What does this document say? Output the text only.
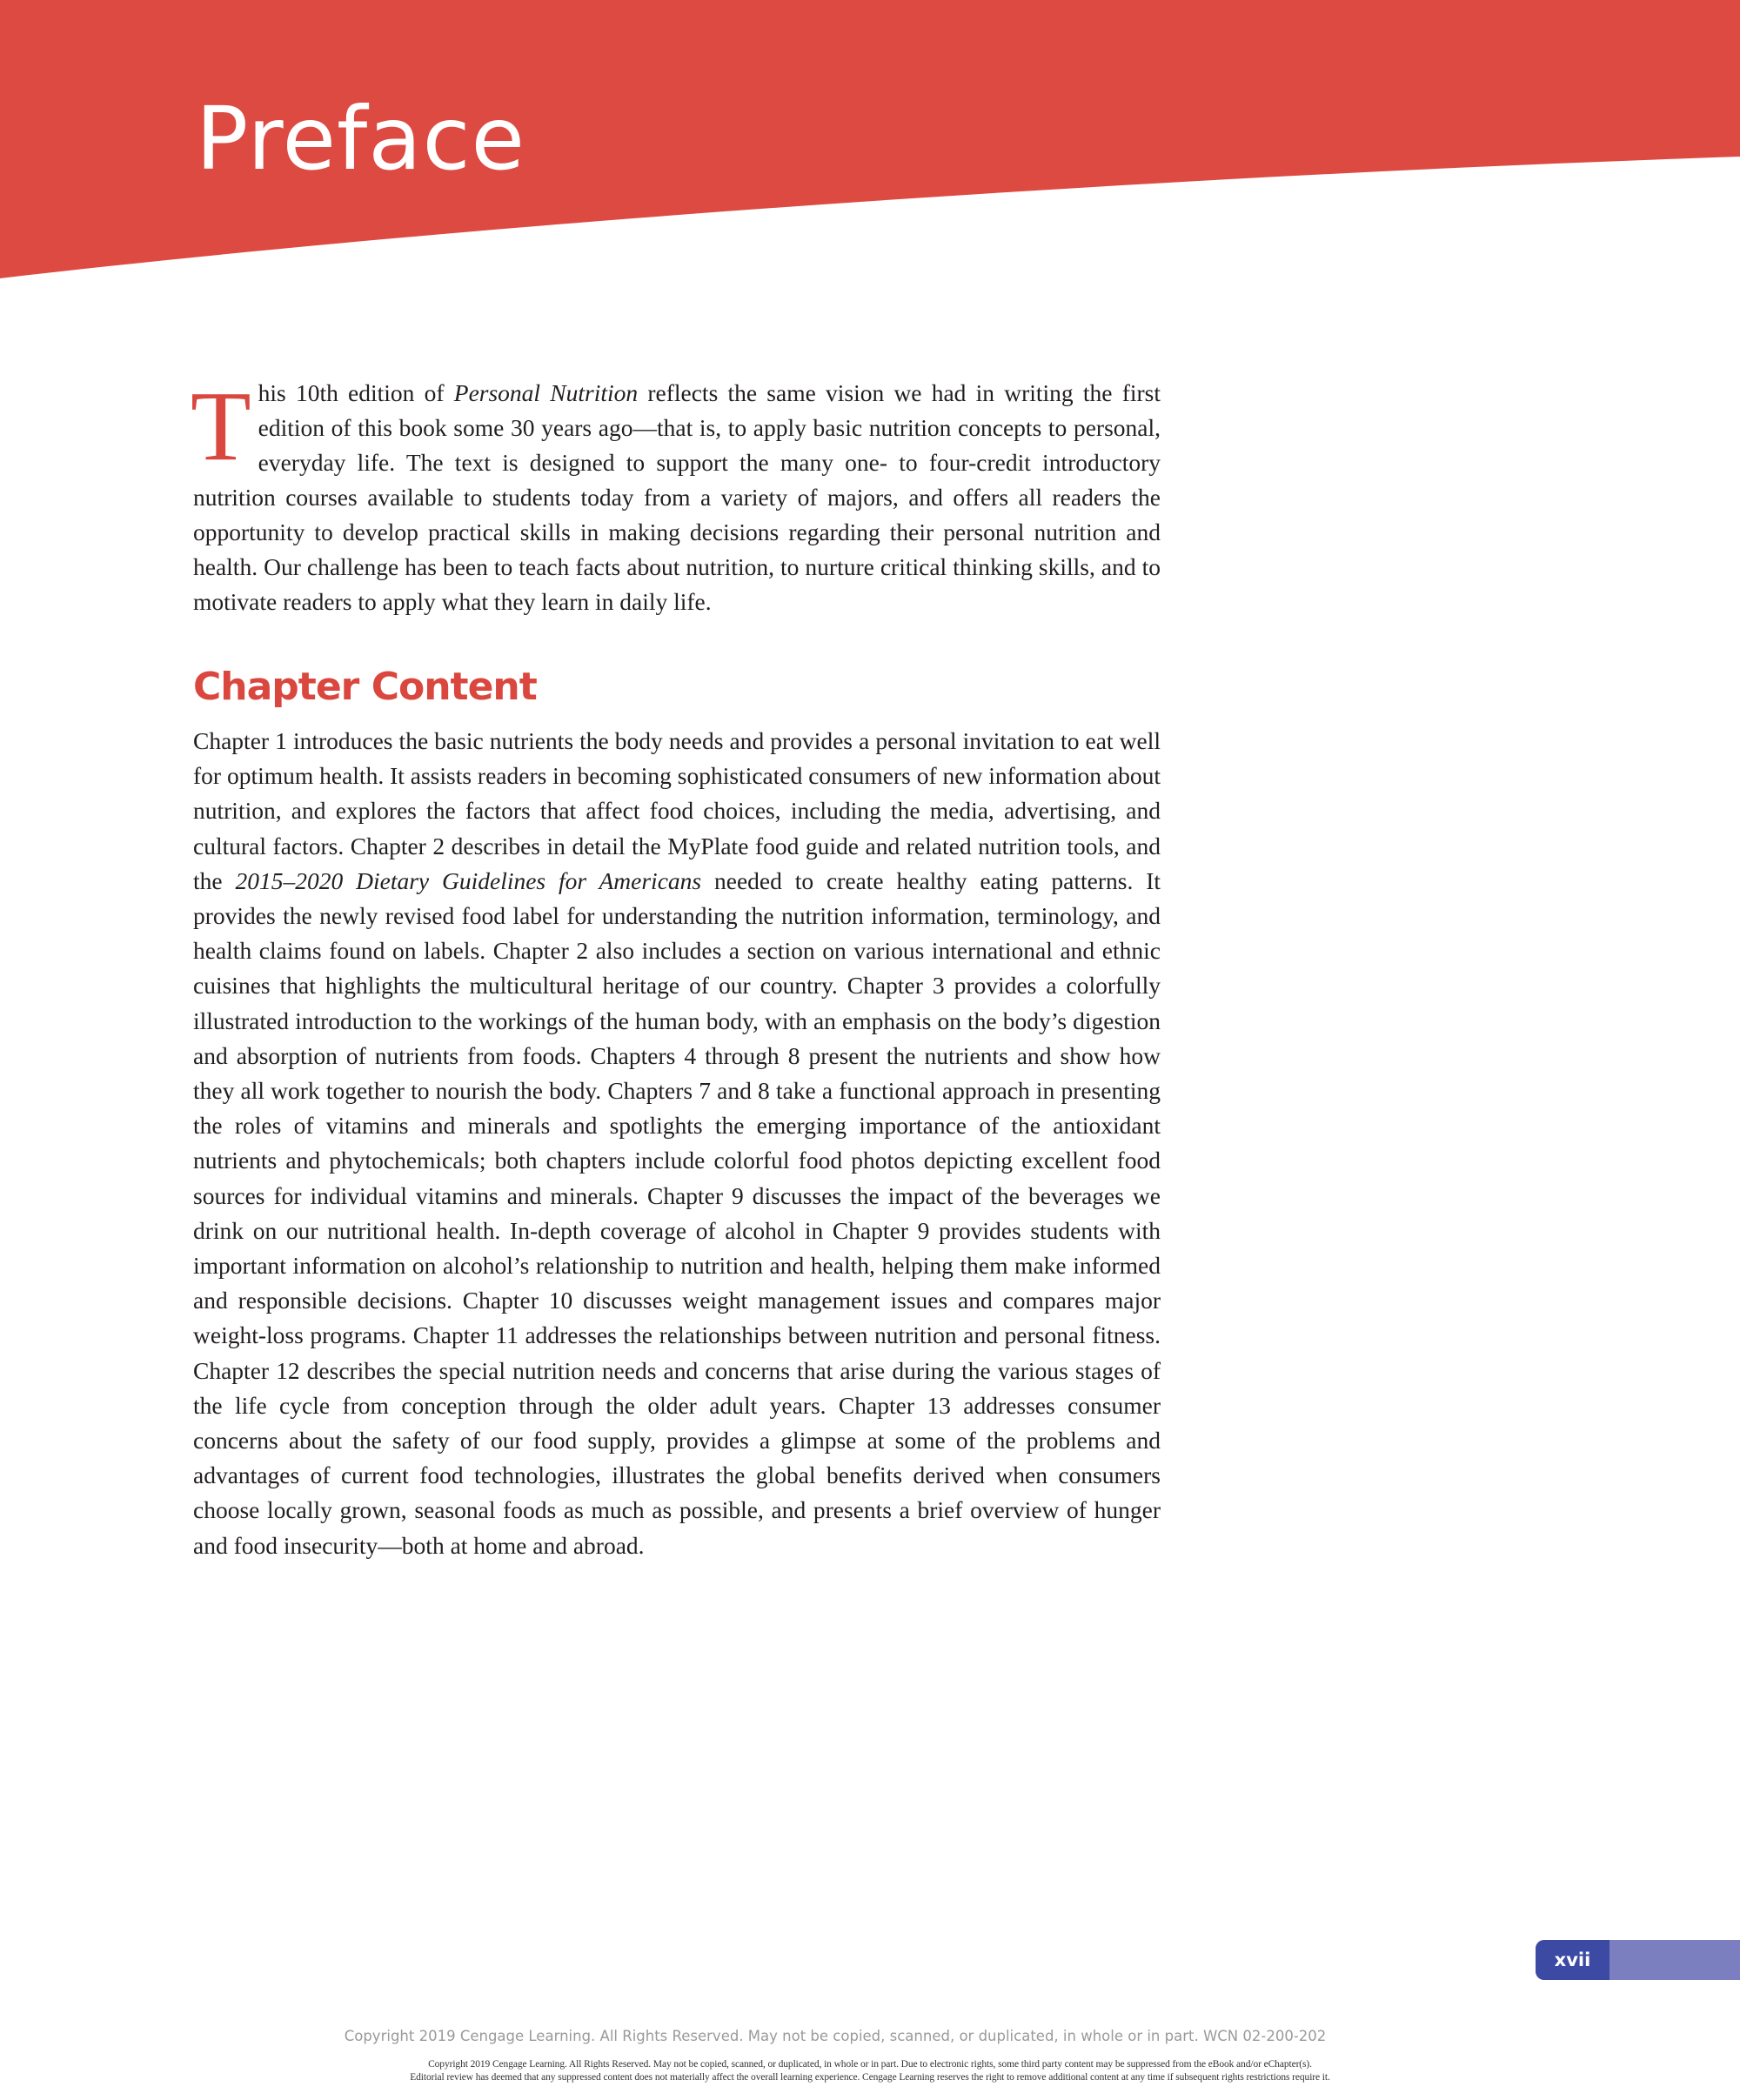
Preface

This 10th edition of Personal Nutrition reflects the same vision we had in writing the first edition of this book some 30 years ago—that is, to apply basic nutrition concepts to personal, everyday life. The text is designed to support the many one- to four-credit introductory nutrition courses available to students today from a variety of majors, and offers all readers the opportunity to develop practical skills in making decisions regarding their personal nutrition and health. Our challenge has been to teach facts about nutrition, to nurture critical thinking skills, and to motivate readers to apply what they learn in daily life.

Chapter Content

Chapter 1 introduces the basic nutrients the body needs and provides a personal invitation to eat well for optimum health. It assists readers in becoming sophisticated consumers of new information about nutrition, and explores the factors that affect food choices, including the media, advertising, and cultural factors. Chapter 2 describes in detail the MyPlate food guide and related nutrition tools, and the 2015–2020 Dietary Guidelines for Americans needed to create healthy eating patterns. It provides the newly revised food label for understanding the nutrition information, terminology, and health claims found on labels. Chapter 2 also includes a section on various international and ethnic cuisines that highlights the multicultural heritage of our country. Chapter 3 provides a colorfully illustrated introduction to the workings of the human body, with an emphasis on the body’s digestion and absorption of nutrients from foods. Chapters 4 through 8 present the nutrients and show how they all work together to nourish the body. Chapters 7 and 8 take a functional approach in presenting the roles of vitamins and minerals and spotlights the emerging importance of the antioxidant nutrients and phytochemicals; both chapters include colorful food photos depicting excellent food sources for individual vitamins and minerals. Chapter 9 discusses the impact of the beverages we drink on our nutritional health. In-depth coverage of alcohol in Chapter 9 provides students with important information on alcohol’s relationship to nutrition and health, helping them make informed and responsible decisions. Chapter 10 discusses weight management issues and compares major weight-loss programs. Chapter 11 addresses the relationships between nutrition and personal fitness. Chapter 12 describes the special nutrition needs and concerns that arise during the various stages of the life cycle from conception through the older adult years. Chapter 13 addresses consumer concerns about the safety of our food supply, provides a glimpse at some of the problems and advantages of current food technologies, illustrates the global benefits derived when consumers choose locally grown, seasonal foods as much as possible, and presents a brief overview of hunger and food insecurity—both at home and abroad.

xvii
Copyright 2019 Cengage Learning. All Rights Reserved. May not be copied, scanned, or duplicated, in whole or in part. WCN 02-200-202
Copyright 2019 Cengage Learning. All Rights Reserved. May not be copied, scanned, or duplicated, in whole or in part. Due to electronic rights, some third party content may be suppressed from the eBook and/or eChapter(s).
Editorial review has deemed that any suppressed content does not materially affect the overall learning experience. Cengage Learning reserves the right to remove additional content at any time if subsequent rights restrictions require it.
